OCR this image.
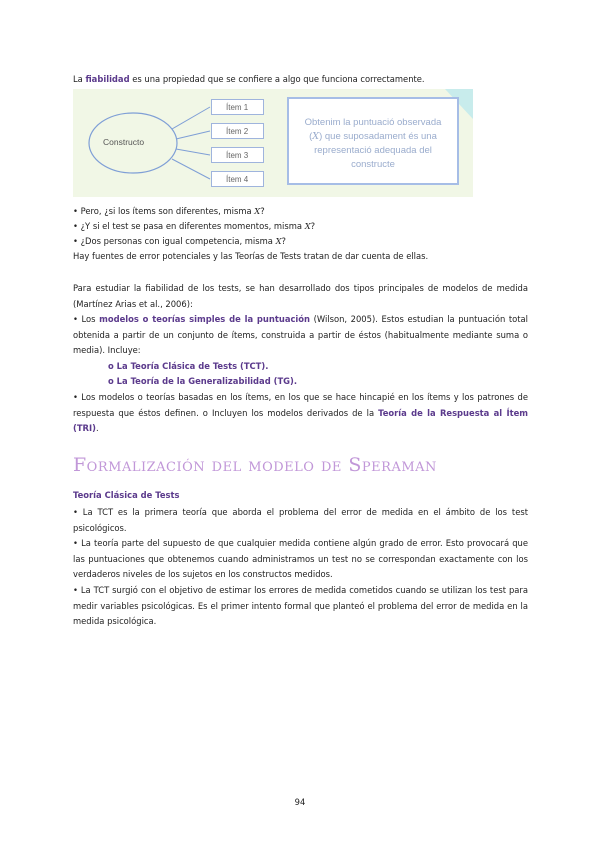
La fiabilidad es una propiedad que se confiere a algo que funciona correctamente.

Constructo
Ítem 1
Ítem 2
Ítem 3
Ítem 4
Obtenim la puntuació observada
(X) que suposadament és una
representació adequada del
constructe

• Pero, ¿si los ítems son diferentes, misma X?

• ¿Y si el test se pasa en diferentes momentos, misma X?

• ¿Dos personas con igual competencia, misma X?

Hay fuentes de error potenciales y las Teorías de Tests tratan de dar cuenta de ellas.

Para estudiar la fiabilidad de los tests, se han desarrollado dos tipos principales de modelos de medida (Martínez Arias et al., 2006):

• Los modelos o teorías simples de la puntuación (Wilson, 2005). Estos estudian la puntuación total obtenida a partir de un conjunto de ítems, construida a partir de éstos (habitualmente mediante suma o media). Incluye:

o La Teoría Clásica de Tests (TCT).
o La Teoría de la Generalizabilidad (TG).

• Los modelos o teorías basadas en los ítems, en los que se hace hincapié en los ítems y los patrones de respuesta que éstos definen. o Incluyen los modelos derivados de la Teoría de la Respuesta al Ítem (TRI).

Formalización del modelo de Speraman
Teoría Clásica de Tests

• La TCT es la primera teoría que aborda el problema del error de medida en el ámbito de los test psicológicos.

• La teoría parte del supuesto de que cualquier medida contiene algún grado de error. Esto provocará que las puntuaciones que obtenemos cuando administramos un test no se correspondan exactamente con los verdaderos niveles de los sujetos en los constructos medidos.

• La TCT surgió con el objetivo de estimar los errores de medida cometidos cuando se utilizan los test para medir variables psicológicas. Es el primer intento formal que planteó el problema del error de medida en la medida psicológica.

94
